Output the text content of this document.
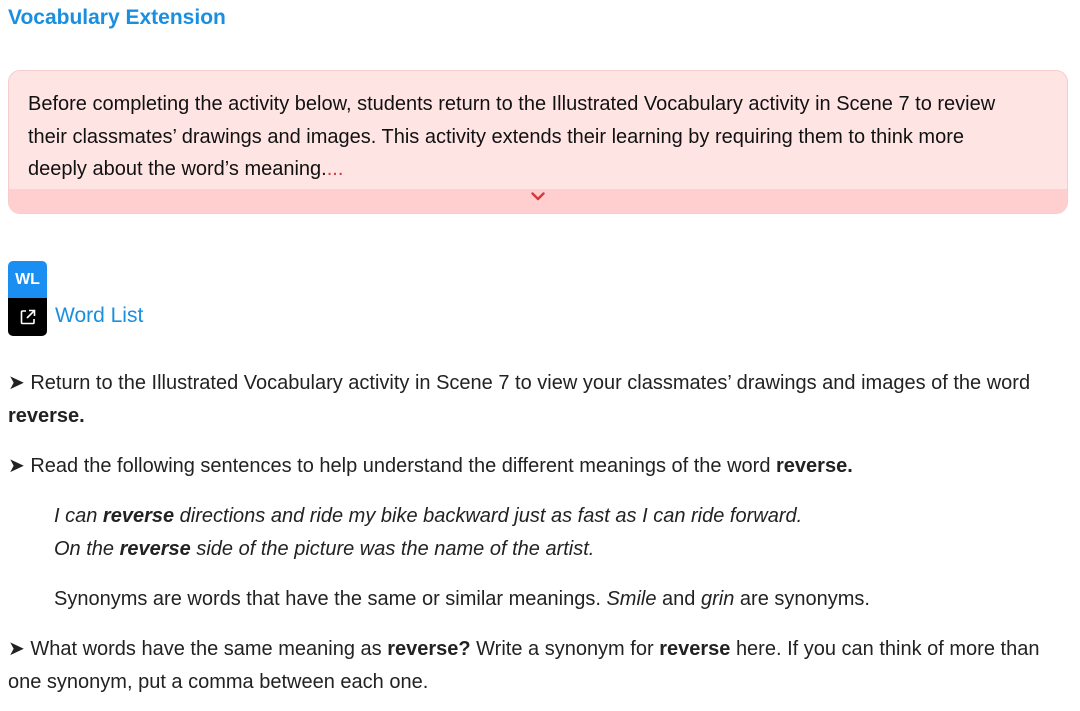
Vocabulary Extension
Before completing the activity below, students return to the Illustrated Vocabulary activity in Scene 7 to review their classmates’ drawings and images. This activity extends their learning by requiring them to think more deeply about the word’s meaning....
WL
Word List
➤ Return to the Illustrated Vocabulary activity in Scene 7 to view your classmates’ drawings and images of the word reverse.
➤ Read the following sentences to help understand the different meanings of the word reverse.
I can reverse directions and ride my bike backward just as fast as I can ride forward.
On the reverse side of the picture was the name of the artist.
Synonyms are words that have the same or similar meanings. Smile and grin are synonyms.
➤ What words have the same meaning as reverse? Write a synonym for reverse here. If you can think of more than one synonym, put a comma between each one.
